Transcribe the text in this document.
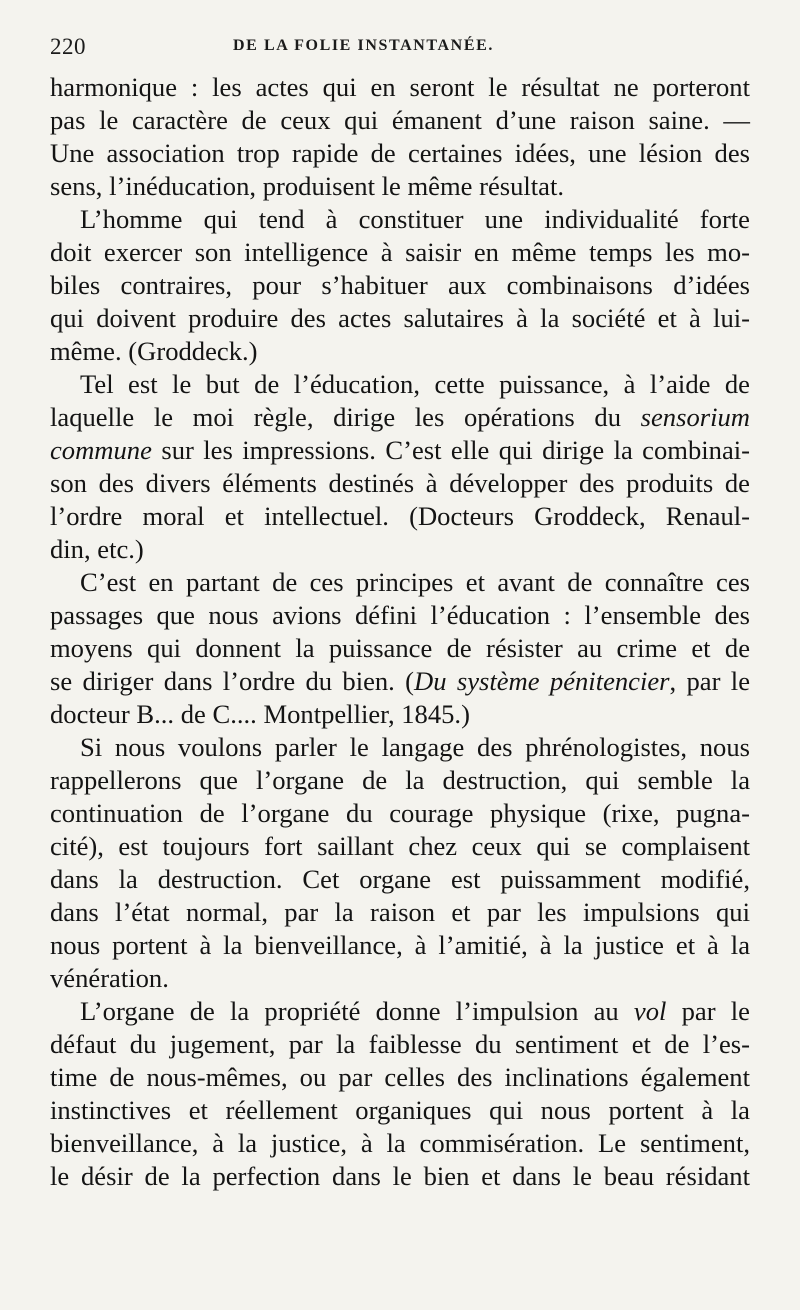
220	DE LA FOLIE INSTANTANÉE.
harmonique : les actes qui en seront le résultat ne porteront
pas le caractère de ceux qui émanent d’une raison saine. —
Une association trop rapide de certaines idées, une lésion des
sens, l’inéducation, produisent le même résultat.
L’homme qui tend à constituer une individualité forte
doit exercer son intelligence à saisir en même temps les mo-
biles contraires, pour s’habituer aux combinaisons d’idées
qui doivent produire des actes salutaires à la société et à lui-
même. (Groddeck.)
Tel est le but de l’éducation, cette puissance, à l’aide de
laquelle le moi règle, dirige les opérations du sensorium
commune sur les impressions. C’est elle qui dirige la combinai-
son des divers éléments destinés à développer des produits de
l’ordre moral et intellectuel. (Docteurs Groddeck, Renaul-
din, etc.)
C’est en partant de ces principes et avant de connaître ces
passages que nous avions défini l’éducation : l’ensemble des
moyens qui donnent la puissance de résister au crime et de
se diriger dans l’ordre du bien. (Du système pénitencier, par le
docteur B... de C.... Montpellier, 1845.)
Si nous voulons parler le langage des phrénologistes, nous
rappellerons que l’organe de la destruction, qui semble la
continuation de l’organe du courage physique (rixe, pugna-
cité), est toujours fort saillant chez ceux qui se complaisent
dans la destruction. Cet organe est puissamment modifié,
dans l’état normal, par la raison et par les impulsions qui
nous portent à la bienveillance, à l’amitié, à la justice et à la
vénération.
L’organe de la propriété donne l’impulsion au vol par le
défaut du jugement, par la faiblesse du sentiment et de l’es-
time de nous-mêmes, ou par celles des inclinations également
instinctives et réellement organiques qui nous portent à la
bienveillance, à la justice, à la commisération. Le sentiment,
le désir de la perfection dans le bien et dans le beau résidant
